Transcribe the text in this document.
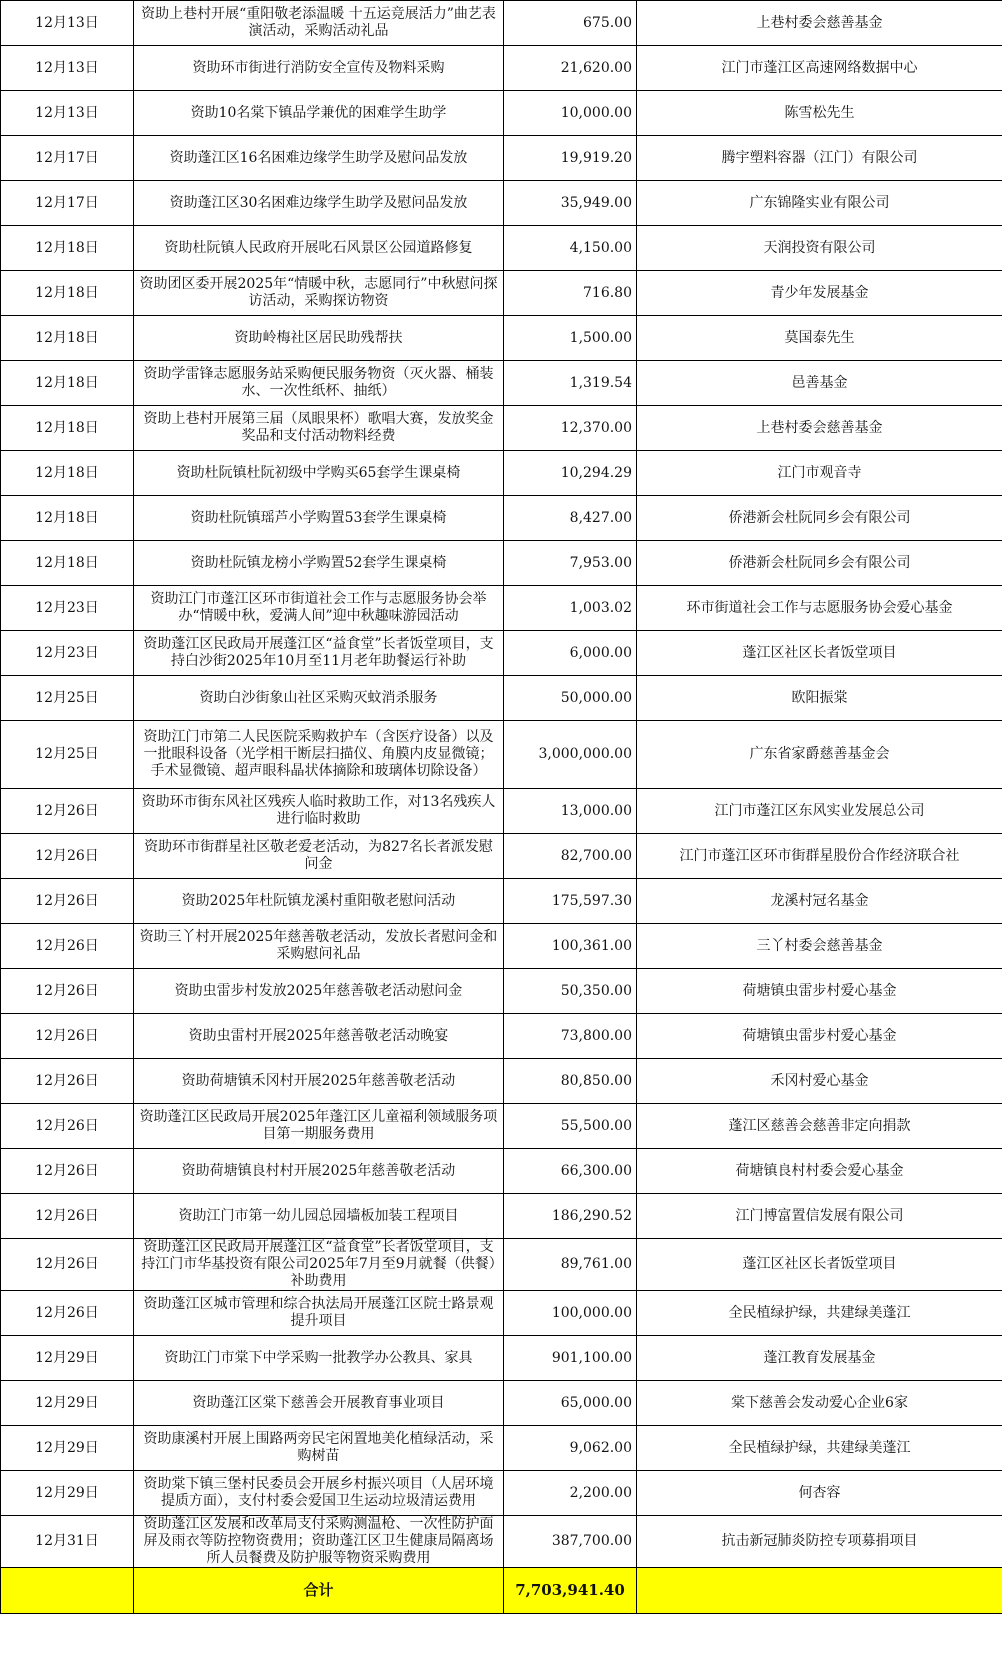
12月13日	资助上巷村开展“重阳敬老添温暖 十五运竞展活力”曲艺表演活动，采购活动礼品	675.00	上巷村委会慈善基金
12月13日	资助环市街进行消防安全宣传及物料采购	21,620.00	江门市蓬江区高速网络数据中心
12月13日	资助10名棠下镇品学兼优的困难学生助学	10,000.00	陈雪松先生
12月17日	资助蓬江区16名困难边缘学生助学及慰问品发放	19,919.20	腾宇塑料容器（江门）有限公司
12月17日	资助蓬江区30名困难边缘学生助学及慰问品发放	35,949.00	广东锦隆实业有限公司
12月18日	资助杜阮镇人民政府开展叱石风景区公园道路修复	4,150.00	天润投资有限公司
12月18日	资助团区委开展2025年“情暖中秋，志愿同行”中秋慰问探访活动，采购探访物资	716.80	青少年发展基金
12月18日	资助岭梅社区居民助残帮扶	1,500.00	莫国泰先生
12月18日	资助学雷锋志愿服务站采购便民服务物资（灭火器、桶装水、一次性纸杯、抽纸）	1,319.54	邑善基金
12月18日	资助上巷村开展第三届（凤眼果杯）歌唱大赛，发放奖金奖品和支付活动物料经费	12,370.00	上巷村委会慈善基金
12月18日	资助杜阮镇杜阮初级中学购买65套学生课桌椅	10,294.29	江门市观音寺
12月18日	资助杜阮镇瑶芦小学购置53套学生课桌椅	8,427.00	侨港新会杜阮同乡会有限公司
12月18日	资助杜阮镇龙榜小学购置52套学生课桌椅	7,953.00	侨港新会杜阮同乡会有限公司
12月23日	资助江门市蓬江区环市街道社会工作与志愿服务协会举办“情暖中秋，爱满人间”迎中秋趣味游园活动	1,003.02	环市街道社会工作与志愿服务协会爱心基金
12月23日	资助蓬江区民政局开展蓬江区“益食堂”长者饭堂项目，支持白沙街2025年10月至11月老年助餐运行补助	6,000.00	蓬江区社区长者饭堂项目
12月25日	资助白沙街象山社区采购灭蚊消杀服务	50,000.00	欧阳振棠
12月25日	资助江门市第二人民医院采购救护车（含医疗设备）以及一批眼科设备（光学相干断层扫描仪、角膜内皮显微镜；手术显微镜、超声眼科晶状体摘除和玻璃体切除设备）	3,000,000.00	广东省家爵慈善基金会
12月26日	资助环市街东风社区残疾人临时救助工作，对13名残疾人进行临时救助	13,000.00	江门市蓬江区东风实业发展总公司
12月26日	资助环市街群星社区敬老爱老活动，为827名长者派发慰问金	82,700.00	江门市蓬江区环市街群星股份合作经济联合社
12月26日	资助2025年杜阮镇龙溪村重阳敬老慰问活动	175,597.30	龙溪村冠名基金
12月26日	资助三丫村开展2025年慈善敬老活动，发放长者慰问金和采购慰问礼品	100,361.00	三丫村委会慈善基金
12月26日	资助虫雷步村发放2025年慈善敬老活动慰问金	50,350.00	荷塘镇虫雷步村爱心基金
12月26日	资助虫雷村开展2025年慈善敬老活动晚宴	73,800.00	荷塘镇虫雷步村爱心基金
12月26日	资助荷塘镇禾冈村开展2025年慈善敬老活动	80,850.00	禾冈村爱心基金
12月26日	资助蓬江区民政局开展2025年蓬江区儿童福利领域服务项目第一期服务费用	55,500.00	蓬江区慈善会慈善非定向捐款
12月26日	资助荷塘镇良村村开展2025年慈善敬老活动	66,300.00	荷塘镇良村村委会爱心基金
12月26日	资助江门市第一幼儿园总园墙板加装工程项目	186,290.52	江门博富置信发展有限公司
12月26日	资助蓬江区民政局开展蓬江区“益食堂”长者饭堂项目，支持江门市华基投资有限公司2025年7月至9月就餐（供餐）补助费用	89,761.00	蓬江区社区长者饭堂项目
12月26日	资助蓬江区城市管理和综合执法局开展蓬江区院士路景观提升项目	100,000.00	全民植绿护绿，共建绿美蓬江
12月29日	资助江门市棠下中学采购一批教学办公教具、家具	901,100.00	蓬江教育发展基金
12月29日	资助蓬江区棠下慈善会开展教育事业项目	65,000.00	棠下慈善会发动爱心企业6家
12月29日	资助康溪村开展上围路两旁民宅闲置地美化植绿活动，采购树苗	9,062.00	全民植绿护绿，共建绿美蓬江
12月29日	资助棠下镇三堡村民委员会开展乡村振兴项目（人居环境提质方面），支付村委会爱国卫生运动垃圾清运费用	2,200.00	何杏容
12月31日	资助蓬江区发展和改革局支付采购测温枪、一次性防护面屏及雨衣等防控物资费用；资助蓬江区卫生健康局隔离场所人员餐费及防护服等物资采购费用	387,700.00	抗击新冠肺炎防控专项募捐项目
	合计	7,703,941.40	
